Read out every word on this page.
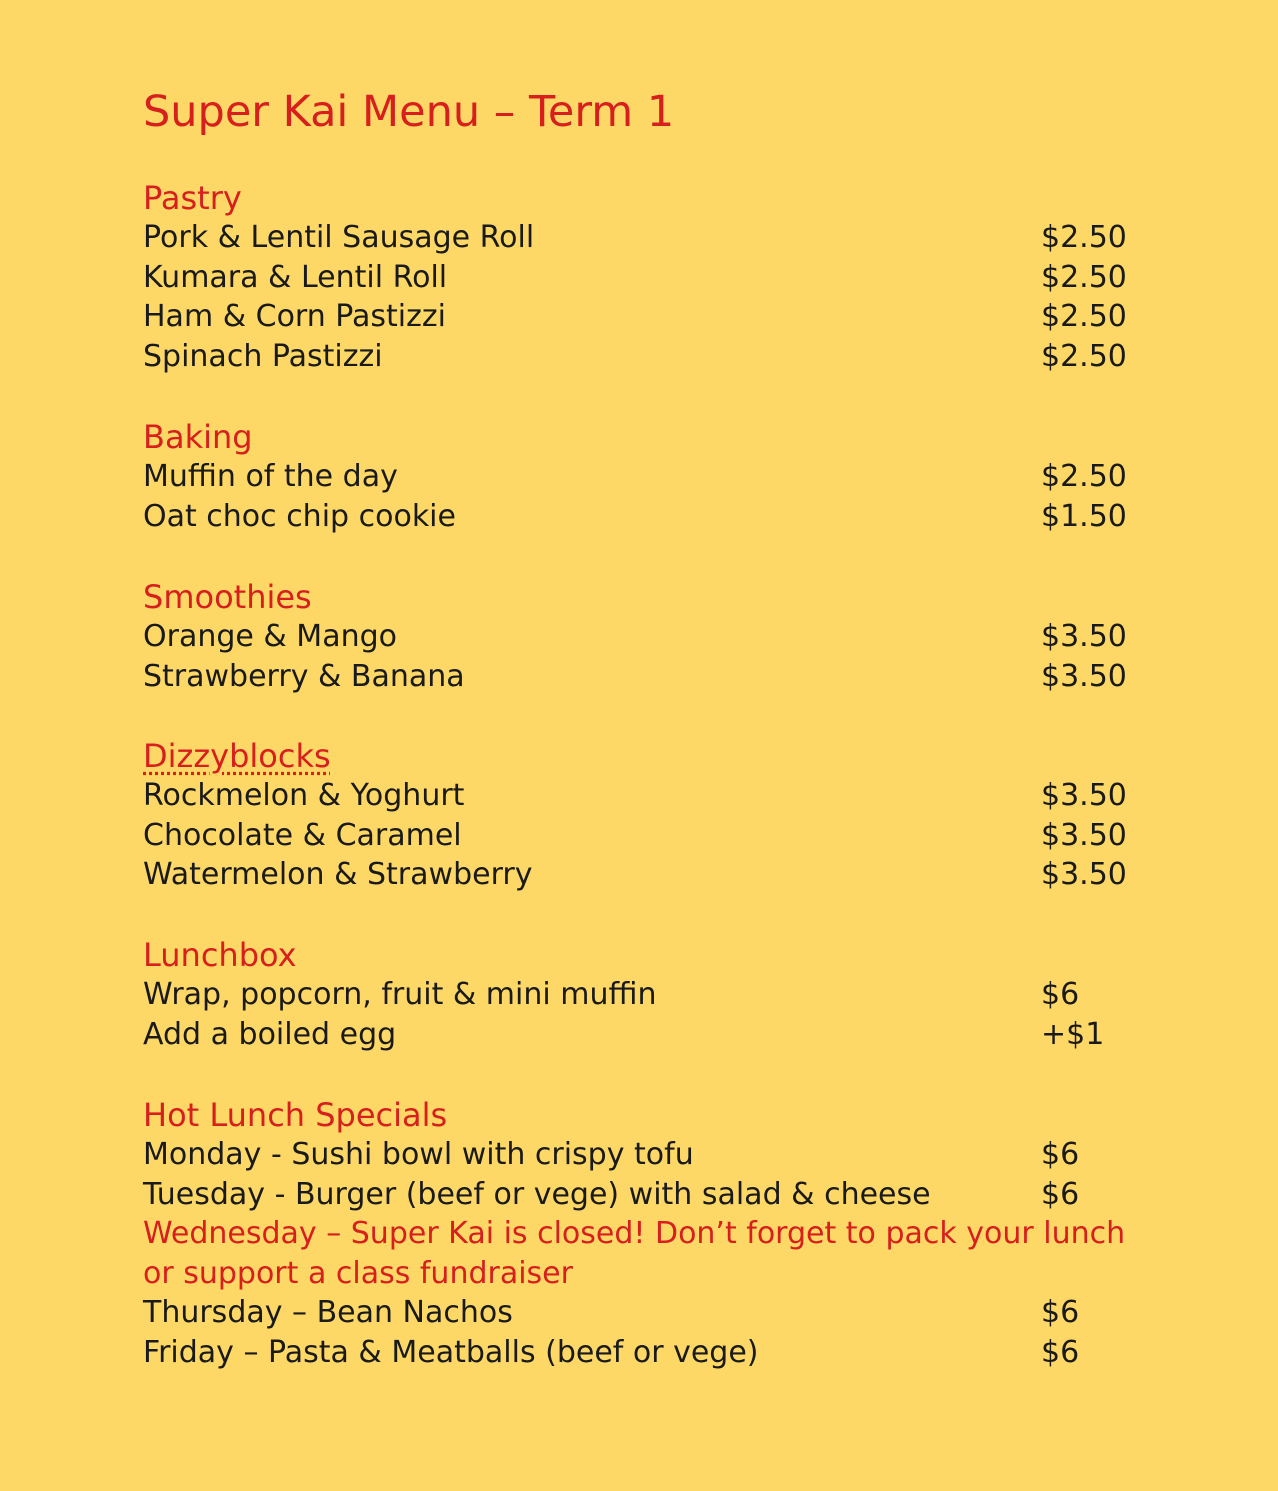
Super Kai Menu – Term 1
Pastry
Pork & Lentil Sausage Roll	$2.50
Kumara & Lentil Roll	$2.50
Ham & Corn Pastizzi	$2.50
Spinach Pastizzi	$2.50
Baking
Muffin of the day	$2.50
Oat choc chip cookie	$1.50
Smoothies
Orange & Mango	$3.50
Strawberry & Banana	$3.50
Dizzyblocks
Rockmelon & Yoghurt	$3.50
Chocolate & Caramel	$3.50
Watermelon & Strawberry	$3.50
Lunchbox
Wrap, popcorn, fruit & mini muffin	$6
Add a boiled egg	+$1
Hot Lunch Specials
Monday - Sushi bowl with crispy tofu	$6
Tuesday - Burger (beef or vege) with salad & cheese	$6
Wednesday – Super Kai is closed! Don’t forget to pack your lunch or support a class fundraiser
Thursday – Bean Nachos	$6
Friday – Pasta & Meatballs (beef or vege)	$6
